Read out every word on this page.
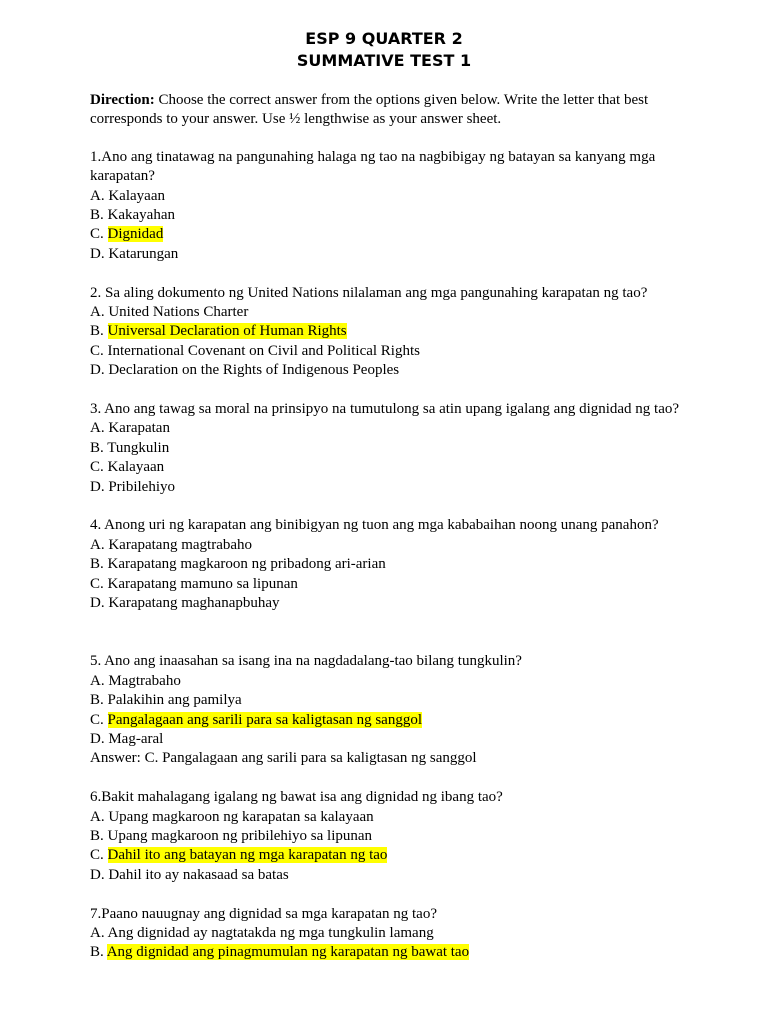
ESP 9 QUARTER 2

SUMMATIVE TEST 1

Direction: Choose the correct answer from the options given below. Write the letter that best corresponds to your answer. Use ½ lengthwise as your answer sheet.

1.Ano ang tinatawag na pangunahing halaga ng tao na nagbibigay ng batayan sa kanyang mga karapatan?
A. Kalayaan
B. Kakayahan
C. Dignidad
D. Katarungan
2. Sa aling dokumento ng United Nations nilalaman ang mga pangunahing karapatan ng tao?
A. United Nations Charter
B. Universal Declaration of Human Rights
C. International Covenant on Civil and Political Rights
D. Declaration on the Rights of Indigenous Peoples
3. Ano ang tawag sa moral na prinsipyo na tumutulong sa atin upang igalang ang dignidad ng tao?
A. Karapatan
B. Tungkulin
C. Kalayaan
D. Pribilehiyo
4. Anong uri ng karapatan ang binibigyan ng tuon ang mga kababaihan noong unang panahon?
A. Karapatang magtrabaho
B. Karapatang magkaroon ng pribadong ari-arian
C. Karapatang mamuno sa lipunan
D. Karapatang maghanapbuhay
5. Ano ang inaasahan sa isang ina na nagdadalang-tao bilang tungkulin?
A. Magtrabaho
B. Palakihin ang pamilya
C. Pangalagaan ang sarili para sa kaligtasan ng sanggol
D. Mag-aral
Answer: C. Pangalagaan ang sarili para sa kaligtasan ng sanggol
6.Bakit mahalagang igalang ng bawat isa ang dignidad ng ibang tao?
A. Upang magkaroon ng karapatan sa kalayaan
B. Upang magkaroon ng pribilehiyo sa lipunan
C. Dahil ito ang batayan ng mga karapatan ng tao
D. Dahil ito ay nakasaad sa batas
7.Paano nauugnay ang dignidad sa mga karapatan ng tao?
A. Ang dignidad ay nagtatakda ng mga tungkulin lamang
B. Ang dignidad ang pinagmumulan ng karapatan ng bawat tao
